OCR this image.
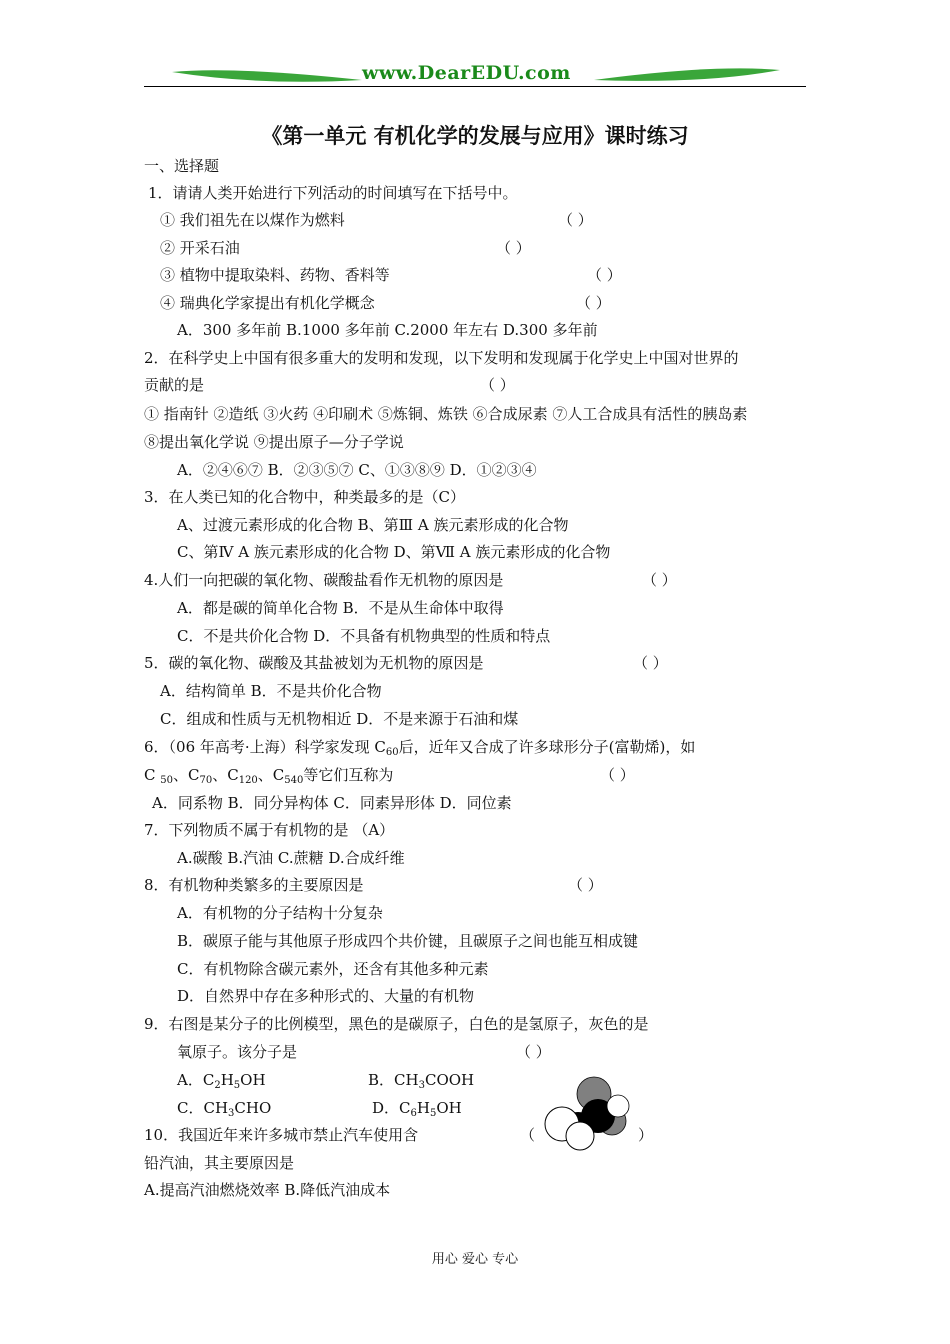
www.DearEDU.com
《第一单元 有机化学的发展与应用》课时练习
一、选择题
1．请请人类开始进行下列活动的时间填写在下括号中。
① 我们祖先在以煤作为燃料	（ ）
② 开采石油	（ ）
③ 植物中提取染料、药物、香料等	（ ）
④ 瑞典化学家提出有机化学概念	（ ）
A．300 多年前 B.1000 多年前 C.2000 年左右 D.300 多年前
2．在科学史上中国有很多重大的发明和发现，以下发明和发现属于化学史上中国对世界的
贡献的是	（ ）
① 指南针 ②造纸 ③火药 ④印刷术 ⑤炼铜、炼铁 ⑥合成尿素 ⑦人工合成具有活性的胰岛素
⑧提出氧化学说 ⑨提出原子—分子学说
A．②④⑥⑦ B．②③⑤⑦ C、①③⑧⑨ D．①②③④
3．在人类已知的化合物中，种类最多的是（C）
A、过渡元素形成的化合物 B、第Ⅲ A 族元素形成的化合物
C、第Ⅳ A 族元素形成的化合物 D、第Ⅶ A 族元素形成的化合物
4.人们一向把碳的氧化物、碳酸盐看作无机物的原因是	（ ）
A．都是碳的简单化合物 B．不是从生命体中取得
C．不是共价化合物 D．不具备有机物典型的性质和特点
5．碳的氧化物、碳酸及其盐被划为无机物的原因是	（ ）
A．结构简单 B．不是共价化合物
C．组成和性质与无机物相近 D．不是来源于石油和煤
6．（06 年高考·上海）科学家发现 $C_{60}$后，近年又合成了许多球形分子(富勒烯)，如
C $_{50}$、$C_{70}$、$C_{120}$、$C_{540}$等它们互称为	（ ）
A．同系物 B．同分异构体 C．同素异形体 D．同位素
7．下列物质不属于有机物的是 （A）
A.碳酸 B.汽油 C.蔗糖 D.合成纤维
8．有机物种类繁多的主要原因是	（ ）
A．有机物的分子结构十分复杂
B．碳原子能与其他原子形成四个共价键，且碳原子之间也能互相成键
C．有机物除含碳元素外，还含有其他多种元素
D．自然界中存在多种形式的、大量的有机物
9．右图是某分子的比例模型，黑色的是碳原子，白色的是氢原子，灰色的是
氧原子。该分子是	（ ）
A．$C_2H_5OH$	B．$CH_3COOH$
C．$CH_3CHO$	D．$C_6H_5OH$
10．我国近年来许多城市禁止汽车使用含	（	）
铅汽油，其主要原因是
A.提高汽油燃烧效率 B.降低汽油成本
用心 爱心 专心
